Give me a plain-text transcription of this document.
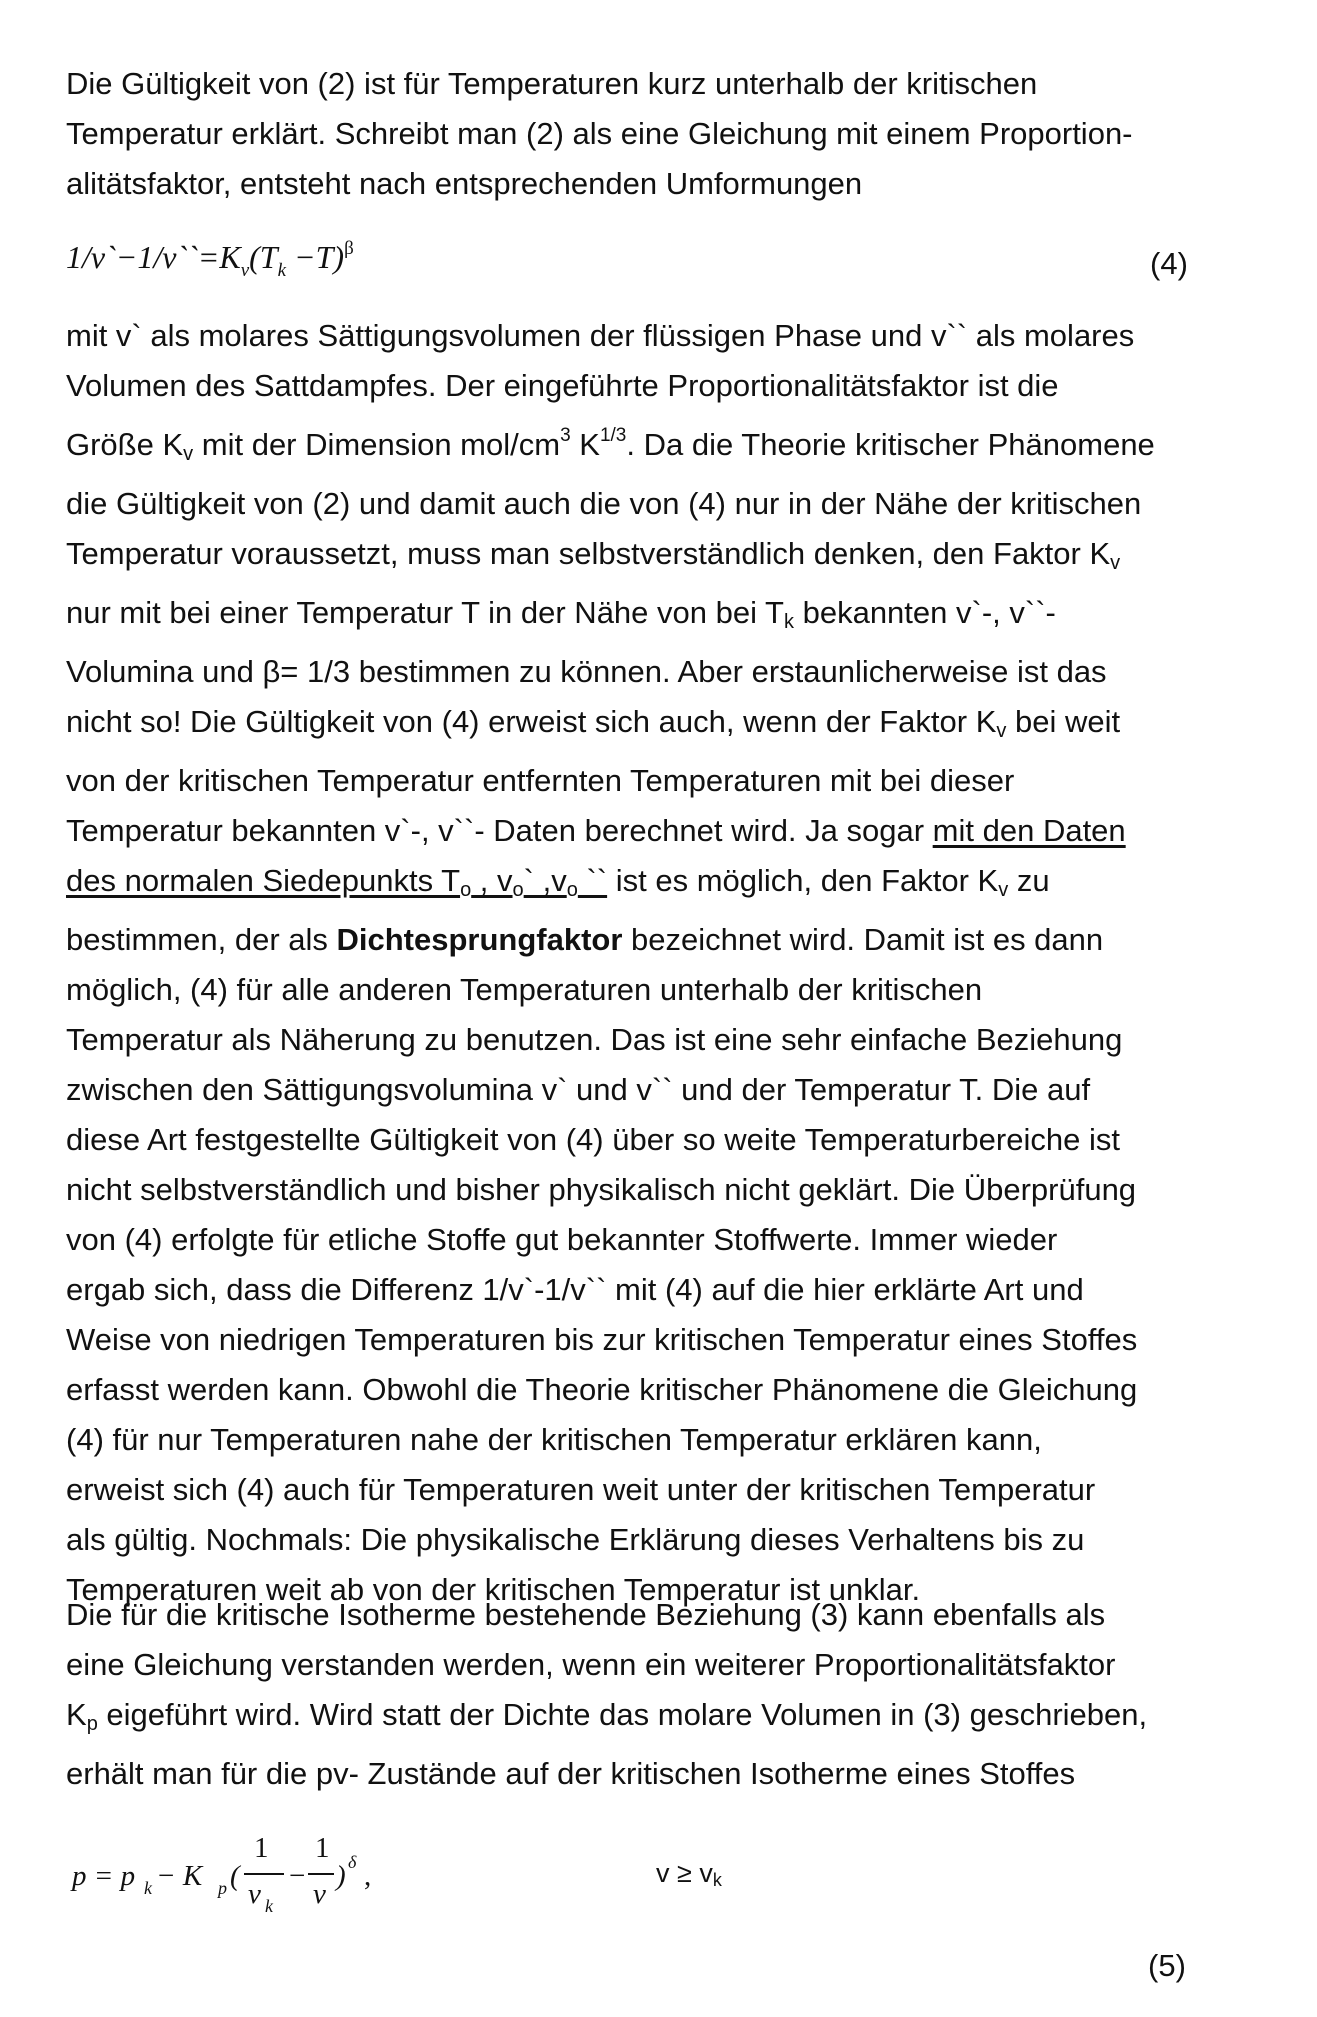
Die Gültigkeit von (2) ist für Temperaturen kurz unterhalb der kritischen
Temperatur erklärt. Schreibt man (2) als eine Gleichung mit einem Proportion-
alitätsfaktor, entsteht nach entsprechenden Umformungen

$1/v`-1/v``=K_v(T_k -T)^\beta$	(4)

mit v` als molares Sättigungsvolumen der flüssigen Phase und v`` als molares
Volumen des Sattdampfes. Der eingeführte Proportionalitätsfaktor ist die
Größe $K_v$ mit der Dimension mol/$cm^3$ $K^{1/3}$. Da die Theorie kritischer Phänomene
die Gültigkeit von (2) und damit auch die von (4) nur in der Nähe der kritischen
Temperatur voraussetzt, muss man selbstverständlich denken, den Faktor $K_v$
nur mit bei einer Temperatur T in der Nähe von bei $T_k$ bekannten v`-, v``-
Volumina und β= 1/3 bestimmen zu können. Aber erstaunlicherweise ist das
nicht so! Die Gültigkeit von (4) erweist sich auch, wenn der Faktor $K_v$ bei weit
von der kritischen Temperatur entfernten Temperaturen mit bei dieser
Temperatur bekannten v`-, v``- Daten berechnet wird. Ja sogar mit den Daten
des normalen Siedepunkts $T_o$ , $v_o`$ $,v_o$ `` ist es möglich, den Faktor $K_v$ zu
bestimmen, der als Dichtesprungfaktor bezeichnet wird. Damit ist es dann
möglich, (4) für alle anderen Temperaturen unterhalb der kritischen
Temperatur als Näherung zu benutzen. Das ist eine sehr einfache Beziehung
zwischen den Sättigungsvolumina v` und v`` und der Temperatur T. Die auf
diese Art festgestellte Gültigkeit von (4) über so weite Temperaturbereiche ist
nicht selbstverständlich und bisher physikalisch nicht geklärt. Die Überprüfung
von (4) erfolgte für etliche Stoffe gut bekannter Stoffwerte. Immer wieder
ergab sich, dass die Differenz 1/v`-1/v`` mit (4) auf die hier erklärte Art und
Weise von niedrigen Temperaturen bis zur kritischen Temperatur eines Stoffes
erfasst werden kann. Obwohl die Theorie kritischer Phänomene die Gleichung
(4) für nur Temperaturen nahe der kritischen Temperatur erklären kann,
erweist sich (4) auch für Temperaturen weit unter der kritischen Temperatur
als gültig. Nochmals: Die physikalische Erklärung dieses Verhaltens bis zu
Temperaturen weit ab von der kritischen Temperatur ist unklar.

Die für die kritische Isotherme bestehende Beziehung (3) kann ebenfalls als
eine Gleichung verstanden werden, wenn ein weiterer Proportionalitätsfaktor
$K_p$ eigeführt wird. Wird statt der Dichte das molare Volumen in (3) geschrieben,
erhält man für die pv- Zustände auf der kritischen Isotherme eines Stoffes

p = p k − K p (
1
v k
−
1
v
) δ ,	$v \ge v_k$
(5)
